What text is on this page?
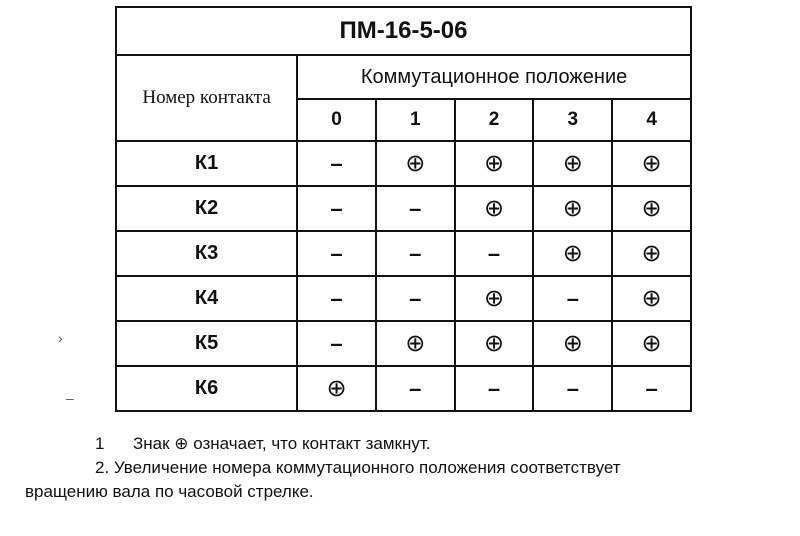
ПМ-16-5-06					
Номер контакта	Коммутационное положение				
	0	1	2	3	4
К1	–	⊕	⊕	⊕	⊕
К2	–	–	⊕	⊕	⊕
К3	–	–	–	⊕	⊕
К4	–	–	⊕	–	⊕
К5	–	⊕	⊕	⊕	⊕
К6	⊕	–	–	–	–
1 Знак ⊕ означает, что контакт замкнут.
2. Увеличение номера коммутационного положения соответствует
вращению вала по часовой стрелке.
›
–
